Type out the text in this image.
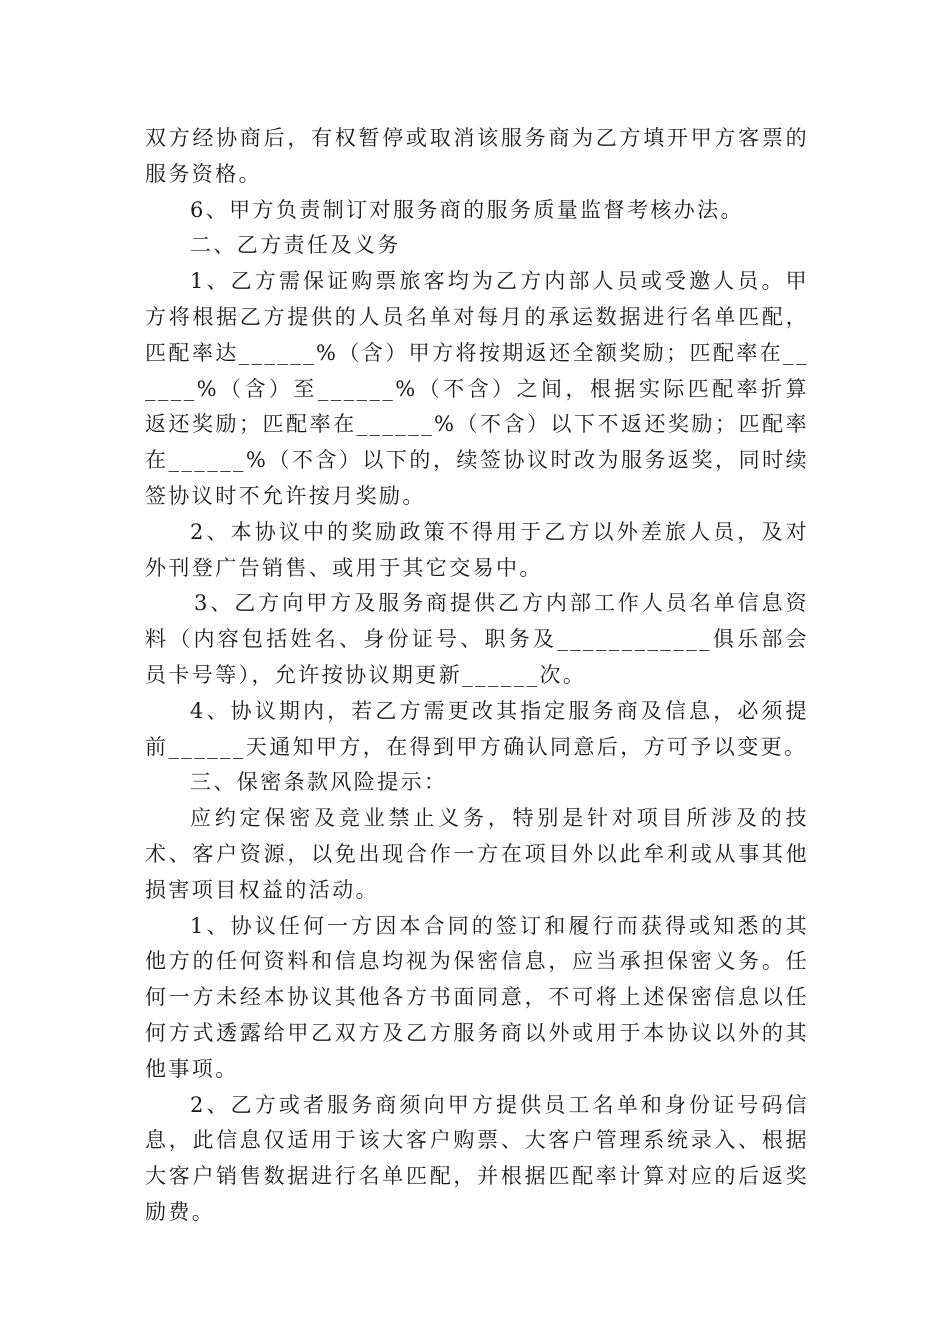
双方经协商后，有权暂停或取消该服务商为乙方填开甲方客票的服务资格。

6、甲方负责制订对服务商的服务质量监督考核办法。

二、乙方责任及义务

1、乙方需保证购票旅客均为乙方内部人员或受邀人员。甲方将根据乙方提供的人员名单对每月的承运数据进行名单匹配，匹配率达______%（含）甲方将按期返还全额奖励；匹配率在______%（含）至______%（不含）之间，根据实际匹配率折算返还奖励；匹配率在______%（不含）以下不返还奖励；匹配率在______%（不含）以下的，续签协议时改为服务返奖，同时续签协议时不允许按月奖励。

2、本协议中的奖励政策不得用于乙方以外差旅人员，及对外刊登广告销售、或用于其它交易中。

3、乙方向甲方及服务商提供乙方内部工作人员名单信息资料（内容包括姓名、身份证号、职务及____________俱乐部会员卡号等），允许按协议期更新______次。

4、协议期内，若乙方需更改其指定服务商及信息，必须提前______天通知甲方，在得到甲方确认同意后，方可予以变更。

三、保密条款风险提示：

应约定保密及竞业禁止义务，特别是针对项目所涉及的技术、客户资源，以免出现合作一方在项目外以此牟利或从事其他损害项目权益的活动。

1、协议任何一方因本合同的签订和履行而获得或知悉的其他方的任何资料和信息均视为保密信息，应当承担保密义务。任何一方未经本协议其他各方书面同意，不可将上述保密信息以任何方式透露给甲乙双方及乙方服务商以外或用于本协议以外的其他事项。

2、乙方或者服务商须向甲方提供员工名单和身份证号码信息，此信息仅适用于该大客户购票、大客户管理系统录入、根据大客户销售数据进行名单匹配，并根据匹配率计算对应的后返奖励费。
